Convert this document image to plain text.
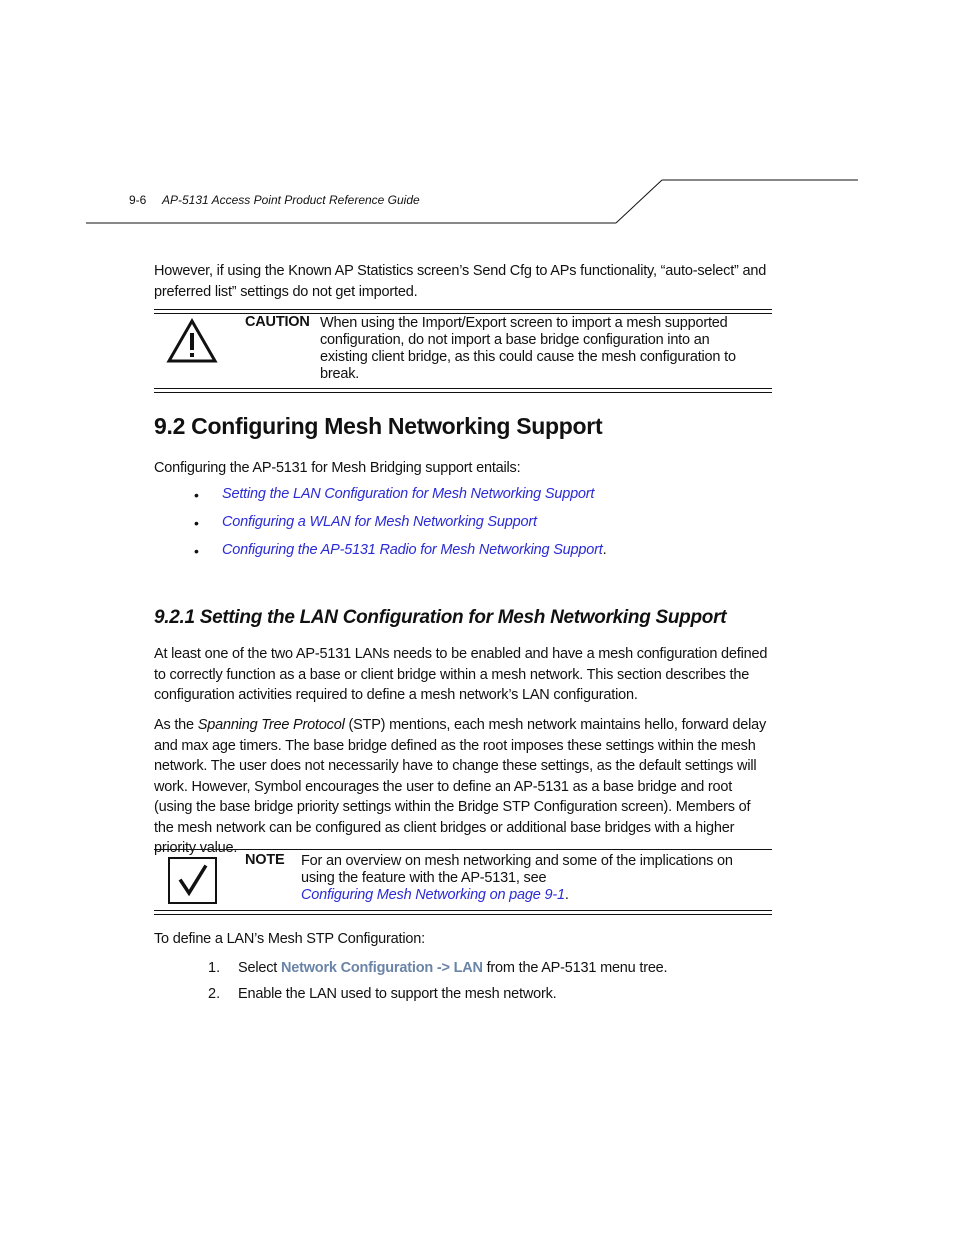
9-6 AP-5131 Access Point Product Reference Guide

However, if using the Known AP Statistics screen’s Send Cfg to APs functionality, “auto-select” and preferred list” settings do not get imported.

CAUTION When using the Import/Export screen to import a mesh supported configuration, do not import a base bridge configuration into an existing client bridge, as this could cause the mesh configuration to break.

9.2 Configuring Mesh Networking Support

Configuring the AP-5131 for Mesh Bridging support entails:

• Setting the LAN Configuration for Mesh Networking Support
• Configuring a WLAN for Mesh Networking Support
• Configuring the AP-5131 Radio for Mesh Networking Support.
9.2.1 Setting the LAN Configuration for Mesh Networking Support

At least one of the two AP-5131 LANs needs to be enabled and have a mesh configuration defined to correctly function as a base or client bridge within a mesh network. This section describes the configuration activities required to define a mesh network’s LAN configuration.

As the Spanning Tree Protocol (STP) mentions, each mesh network maintains hello, forward delay and max age timers. The base bridge defined as the root imposes these settings within the mesh network. The user does not necessarily have to change these settings, as the default settings will work. However, Symbol encourages the user to define an AP-5131 as a base bridge and root (using the base bridge priority settings within the Bridge STP Configuration screen). Members of the mesh network can be configured as client bridges or additional base bridges with a higher priority value.

NOTE For an overview on mesh networking and some of the implications on using the feature with the AP-5131, see
Configuring Mesh Networking on page 9-1.

To define a LAN’s Mesh STP Configuration:

1. Select Network Configuration -> LAN from the AP-5131 menu tree.
2. Enable the LAN used to support the mesh network.
